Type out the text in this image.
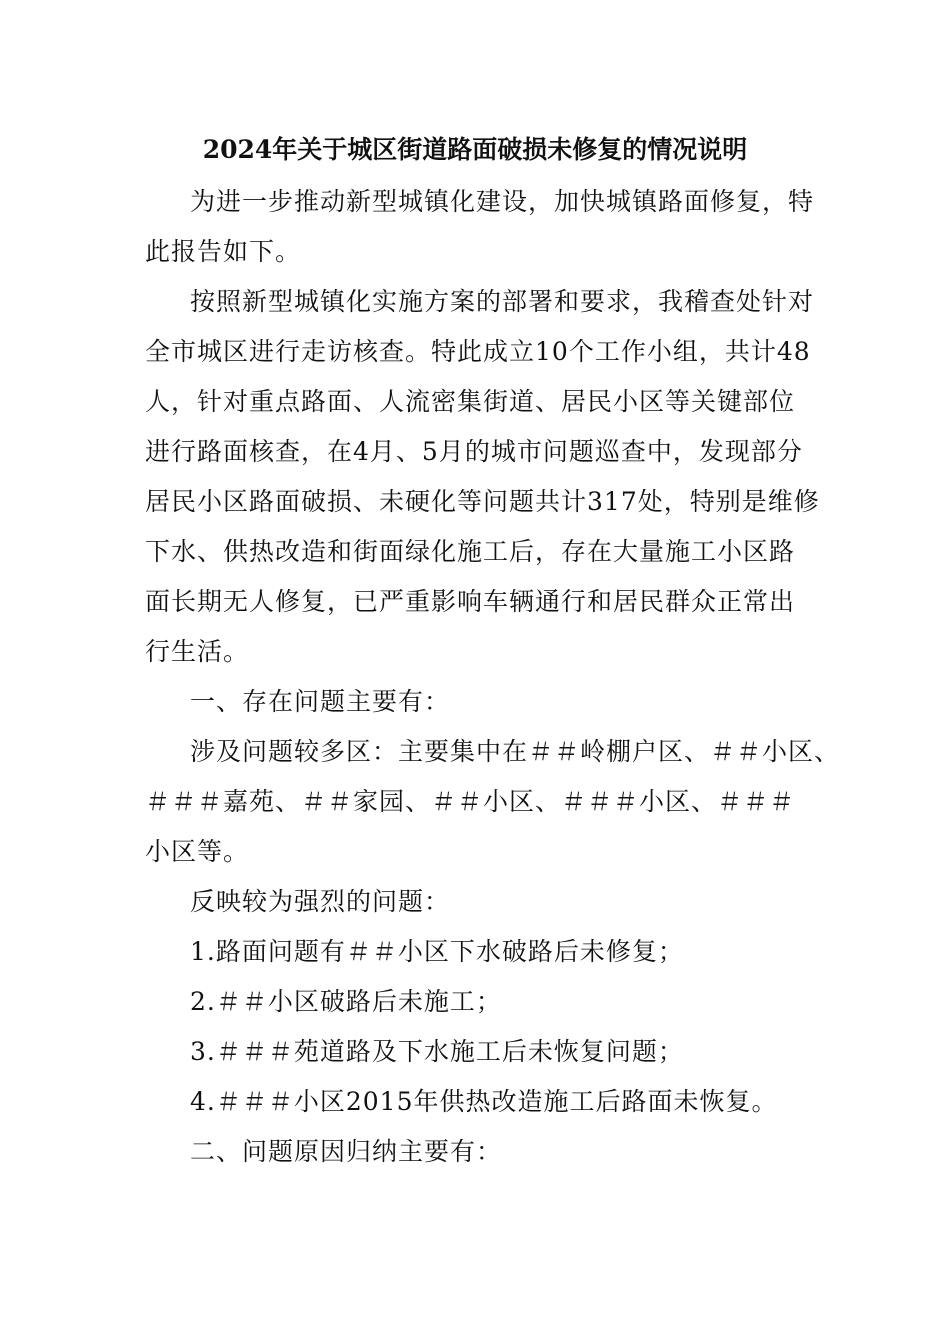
2024年关于城区街道路面破损未修复的情况说明
为进一步推动新型城镇化建设，加快城镇路面修复，特
此报告如下。
按照新型城镇化实施方案的部署和要求，我稽查处针对
全市城区进行走访核查。特此成立10个工作小组，共计48
人，针对重点路面、人流密集街道、居民小区等关键部位
进行路面核查，在4月、5月的城市问题巡查中，发现部分
居民小区路面破损、未硬化等问题共计317处，特别是维修
下水、供热改造和街面绿化施工后，存在大量施工小区路
面长期无人修复，已严重影响车辆通行和居民群众正常出
行生活。
一、存在问题主要有：
涉及问题较多区：主要集中在＃＃岭棚户区、＃＃小区、
＃＃＃嘉苑、＃＃家园、＃＃小区、＃＃＃小区、＃＃＃
小区等。
反映较为强烈的问题：
1.路面问题有＃＃小区下水破路后未修复；
2.＃＃小区破路后未施工；
3.＃＃＃苑道路及下水施工后未恢复问题；
4.＃＃＃小区2015年供热改造施工后路面未恢复。
二、问题原因归纳主要有：
